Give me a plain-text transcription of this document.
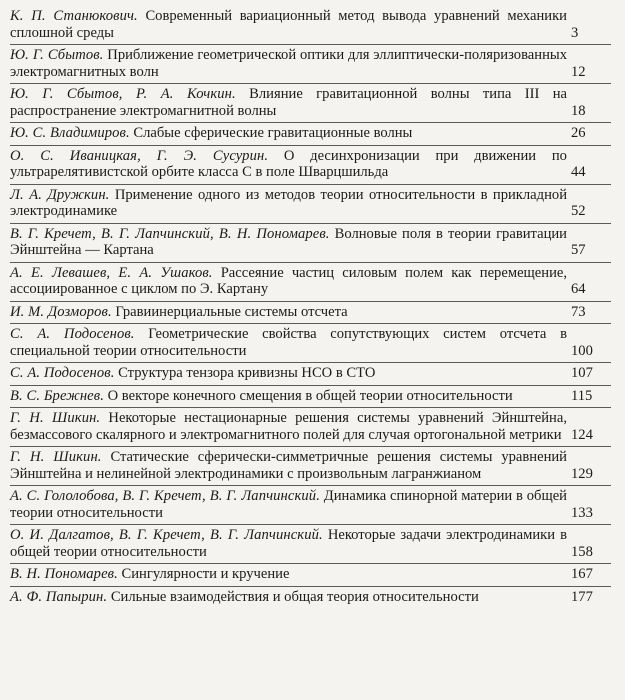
К. П. Станюкович. Современный вариационный метод вывода уравнений механики сплошной среды	3
Ю. Г. Сбытов. Приближение геометрической оптики для эллиптически-поляризованных электромагнитных волн	12
Ю. Г. Сбытов, Р. А. Кочкин. Влияние гравитационной волны типа III на распространение электромагнитной волны	18
Ю. С. Владимиров. Слабые сферические гравитационные волны	26
О. С. Иваницкая, Г. Э. Сусурин. О десинхронизации при движении по ультрарелятивистской орбите класса С в поле Шварцшильда	44
Л. А. Дружкин. Применение одного из методов теории относительности в прикладной электродинамике	52
В. Г. Кречет, В. Г. Лапчинский, В. Н. Пономарев. Волновые поля в теории гравитации Эйнштейна — Картана	57
А. Е. Левашев, Е. А. Ушаков. Рассеяние частиц силовым полем как перемещение, ассоциированное с циклом по Э. Картану	64
И. М. Дозморов. Гравиинерциальные системы отсчета	73
С. А. Подосенов. Геометрические свойства сопутствующих систем отсчета в специальной теории относительности	100
С. А. Подосенов. Структура тензора кривизны НСО в СТО	107
В. С. Брежнев. О векторе конечного смещения в общей теории относительности	115
Г. Н. Шикин. Некоторые нестационарные решения системы уравнений Эйнштейна, безмассового скалярного и электромагнитного полей для случая ортогональной метрики 124
Г. Н. Шикин. Статические сферически-симметричные решения системы уравнений Эйнштейна и нелинейной электродинамики с произвольным лагранжианом	129
А. С. Гололобова, В. Г. Кречет, В. Г. Лапчинский. Динамика спинорной материи в общей теории относительности	133
О. И. Далгатов, В. Г. Кречет, В. Г. Лапчинский. Некоторые задачи электродинамики в общей теории относительности	158
В. Н. Пономарев. Сингулярности и кручение	167
А. Ф. Папырин. Сильные взаимодействия и общая теория относительности	177
